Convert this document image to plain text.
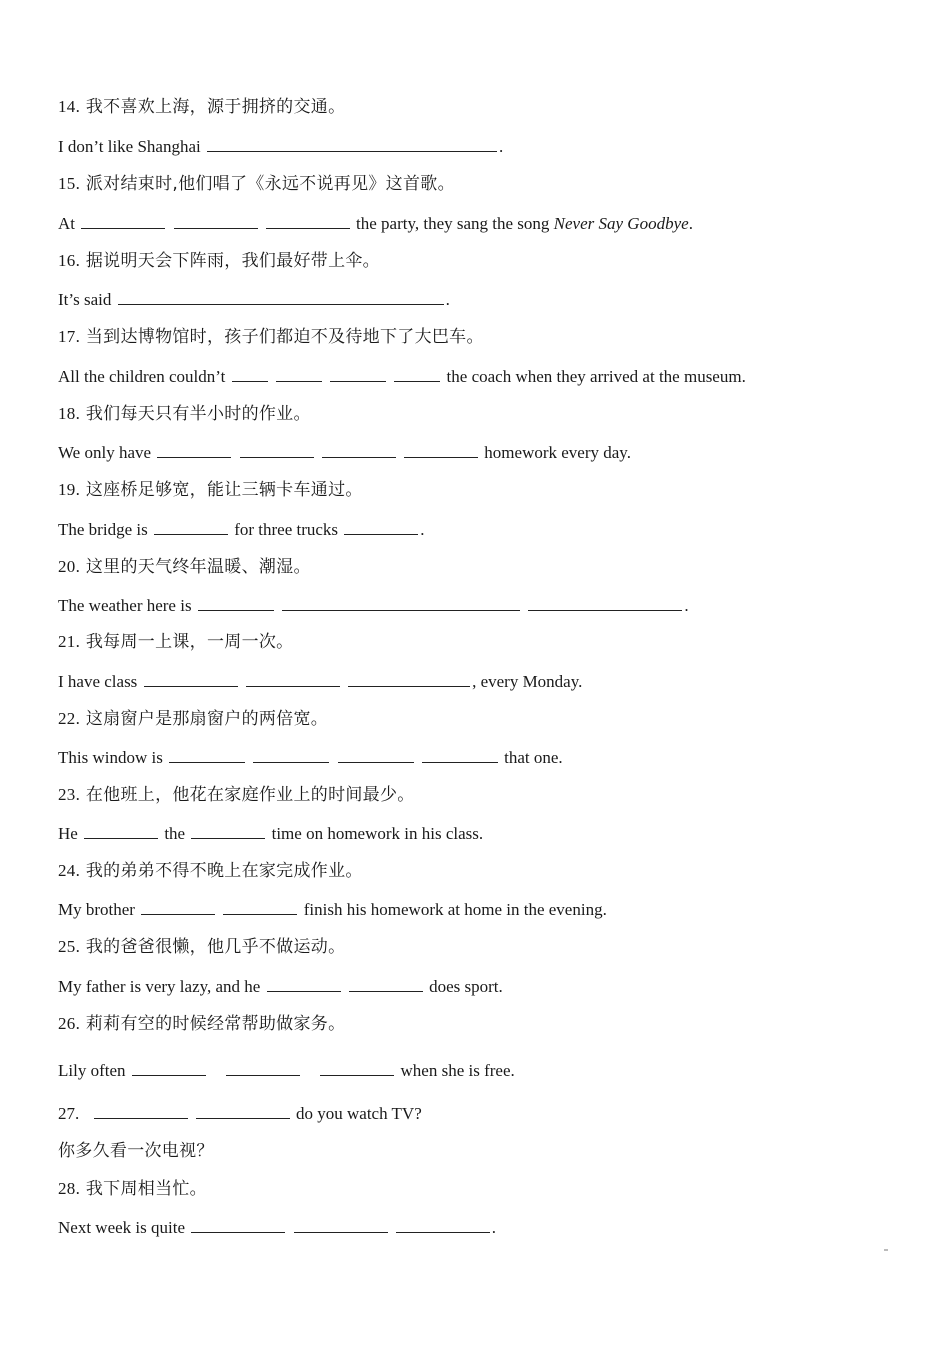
14. 我不喜欢上海，源于拥挤的交通。
I don’t like Shanghai	.
15. 派对结束时,他们唱了《永远不说再见》这首歌。
At	the party, they sang the song Never Say Goodbye.
16. 据说明天会下阵雨，我们最好带上伞。
It’s said	.
17. 当到达博物馆时，孩子们都迫不及待地下了大巴车。
All the children couldn’t	the coach when they arrived at the museum.
18. 我们每天只有半小时的作业。
We only have	homework every day.
19. 这座桥足够宽，能让三辆卡车通过。
The bridge is	for three trucks	.
20. 这里的天气终年温暖、潮湿。
The weather here is	.
21. 我每周一上课，一周一次。
I have class	, every Monday.
22. 这扇窗户是那扇窗户的两倍宽。
This window is	that one.
23. 在他班上，他花在家庭作业上的时间最少。
He	the	time on homework in his class.
24. 我的弟弟不得不晚上在家完成作业。
My brother	finish his homework at home in the evening.
25. 我的爸爸很懒，他几乎不做运动。
My father is very lazy, and he	does sport.
26. 莉莉有空的时候经常帮助做家务。
Lily often	when she is free.
27.	do you watch TV?
你多久看一次电视？
28. 我下周相当忙。
Next week is quite	.
